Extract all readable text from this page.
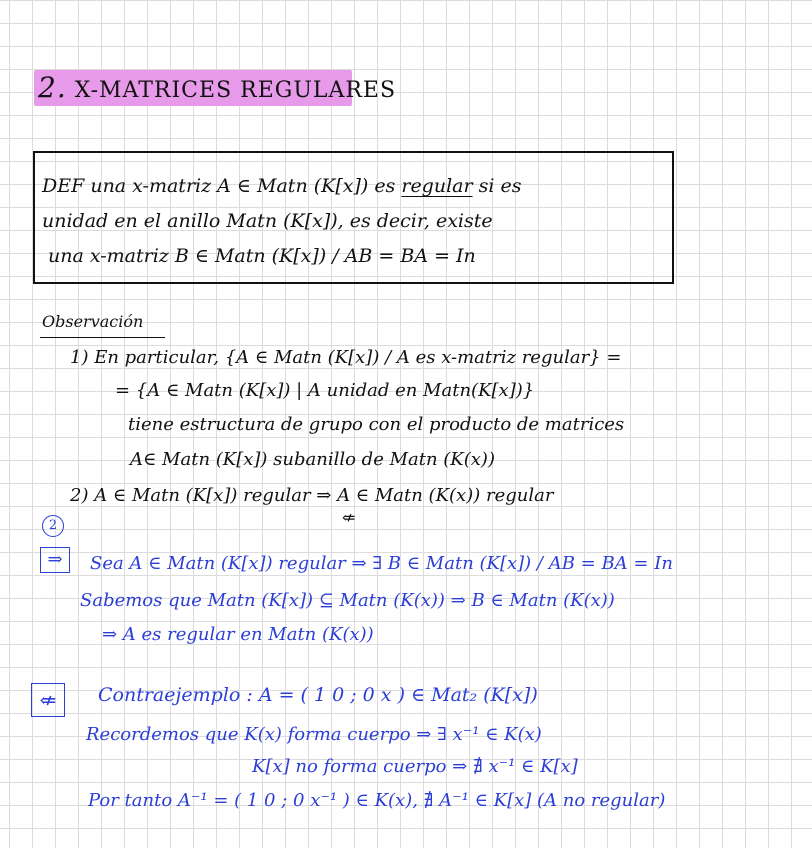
2. X-MATRICES REGULARES
DEF una x-matriz A ∈ Matn (K[x]) es regular si es
unidad en el anillo Matn (K[x]), es decir, existe
una x-matriz B ∈ Matn (K[x]) / AB = BA = In
Observación
1) En particular, {A ∈ Matn (K[x]) / A es x-matriz regular} =
= {A ∈ Matn (K[x]) | A unidad en Matn(K[x])}
tiene estructura de grupo con el producto de matrices
A∈ Matn (K[x]) subanillo de Matn (K(x))
2) A ∈ Matn (K[x]) regular ⇒ A ∈ Matn (K(x)) regular
⇍
2
⇒	Sea A ∈ Matn (K[x]) regular ⇒ ∃ B ∈ Matn (K[x]) / AB = BA = In
Sabemos que Matn (K[x]) ⊆ Matn (K(x)) ⇒ B ∈ Matn (K(x))
⇒ A es regular en Matn (K(x))
⇍	Contraejemplo : A = ( 1 0 ; 0 x ) ∈ Mat₂ (K[x])
Recordemos que K(x) forma cuerpo ⇒ ∃ x⁻¹ ∈ K(x)
K[x] no forma cuerpo ⇒ ∄ x⁻¹ ∈ K[x]
Por tanto A⁻¹ = ( 1 0 ; 0 x⁻¹ ) ∈ K(x), ∄ A⁻¹ ∈ K[x] (A no regular)
